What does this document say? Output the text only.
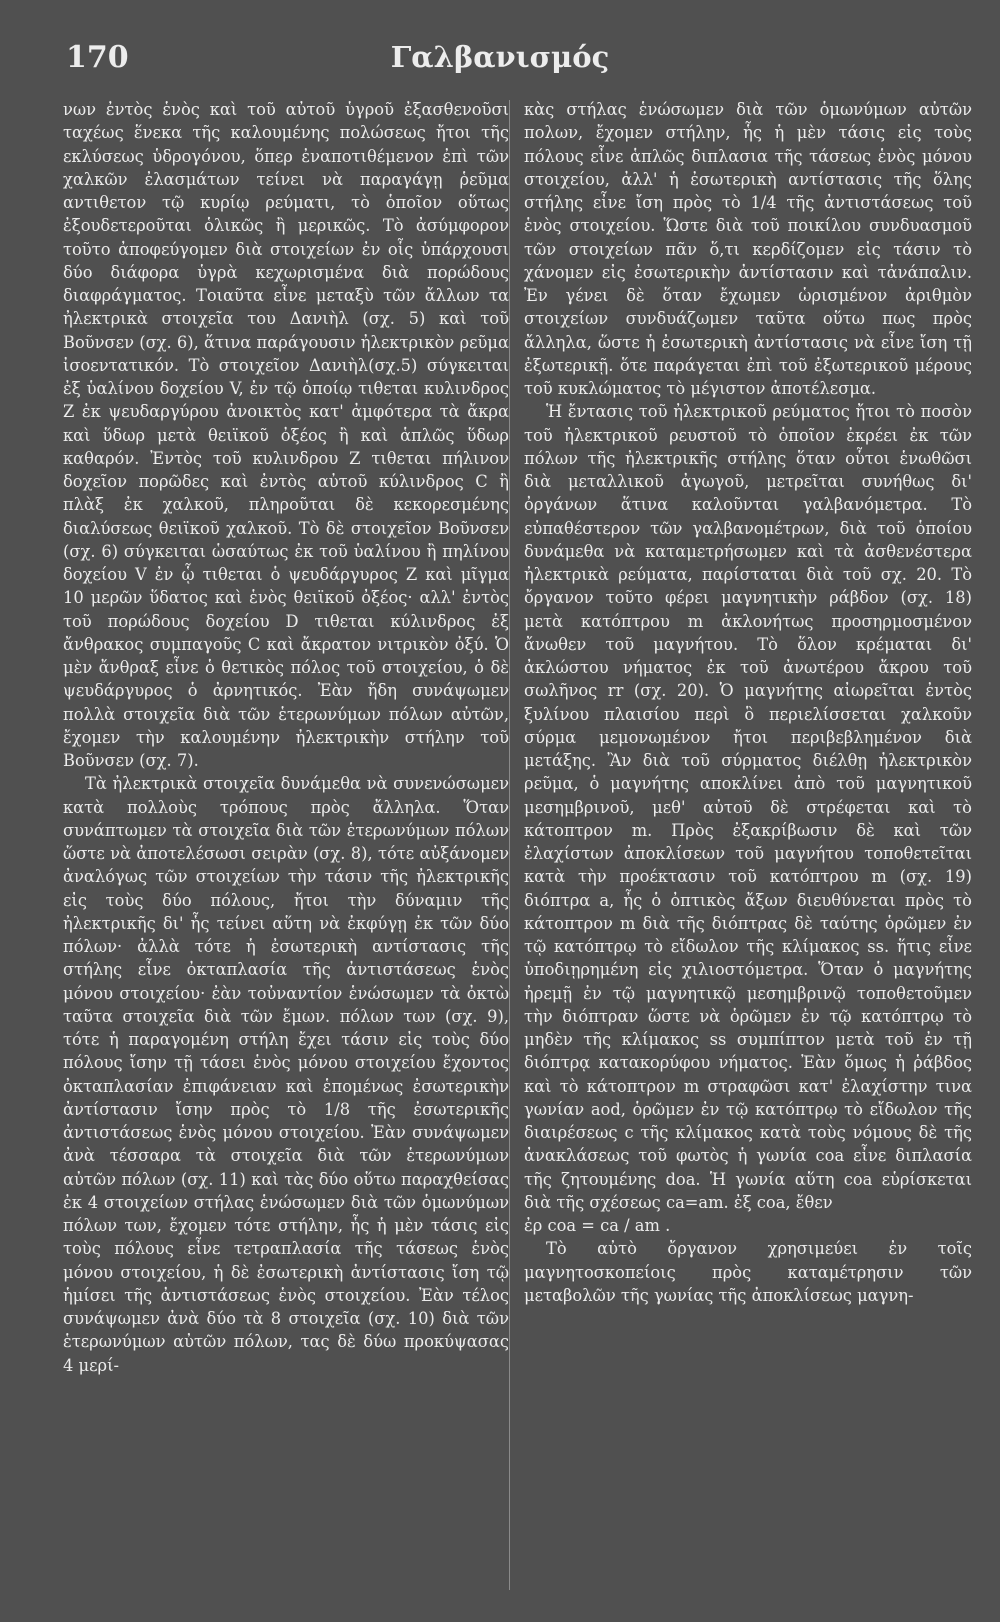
170	Γαλβανισμός

νων ἐντὸς ἑνὸς καὶ τοῦ αὐτοῦ ὑγροῦ ἐξασθενοῦσι ταχέως ἕνεκα τῆς καλουμένης πολώσεως ἤτοι τῆς εκλύσεως ὑδρογόνου, ὅπερ ἐναποτιθέμενον ἐπὶ τῶν χαλκῶν ἐλασμάτων τείνει νὰ παραγάγῃ ῥεῦμα αντιθετον τῷ κυρίῳ ρεύματι, τὸ ὁποῖον οὕτως ἐξουδετεροῦται ὁλικῶς ἢ μερικῶς. Τὸ ἀσύμφορον τοῦτο ἀποφεύγομεν διὰ στοιχείων ἐν οἷς ὑπάρχουσι δύο διάφορα ὑγρὰ κεχωρισμένα διὰ πορώδους διαφράγματος. Τοιαῦτα εἶνε μεταξὺ τῶν ἄλλων τα ἠλεκτρικὰ στοιχεῖα του Δανιὴλ (σχ. 5) καὶ τοῦ Βοῦνσεν (σχ. 6), ἅτινα παράγουσιν ἠλεκτρικὸν ρεῦμα ἰσοεντατικόν. Τὸ στοιχεῖον Δανιὴλ(σχ.5) σύγκειται ἐξ ὑαλίνου δοχείου V, ἐν τῷ ὁποίῳ τιθεται κυλινδρος Ζ ἐκ ψευδαργύρου ἀνοικτὸς κατ' ἀμφότερα τὰ ἄκρα καὶ ὕδωρ μετὰ θειϊκοῦ ὀξέος ἢ καὶ ἁπλῶς ὕδωρ καθαρόν. Ἐντὸς τοῦ κυλινδρου Ζ τιθεται πήλινον δοχεῖον πορῶδες καὶ ἐντὸς αὐτοῦ κύλινδρος C ἢ πλὰξ ἐκ χαλκοῦ, πληροῦται δὲ κεκορεσμένης διαλύσεως θειϊκοῦ χαλκοῦ. Τὸ δὲ στοιχεῖον Βοῦνσεν (σχ. 6) σύγκειται ὡσαύτως ἐκ τοῦ ὑαλίνου ἢ πηλίνου δοχείου V ἐν ᾧ τιθεται ὁ ψευδάργυρος Ζ καὶ μῖγμα 10 μερῶν ὕδατος καὶ ἑνὸς θειϊκοῦ ὀξέος· αλλ' ἐντὸς τοῦ πορώδους δοχείου D τιθεται κύλινδρος ἐξ ἄνθρακος συμπαγοῦς C καὶ ἄκρατον νιτρικὸν ὀξύ. Ὁ μὲν ἄνθραξ εἶνε ὁ θετικὸς πόλος τοῦ στοιχείου, ὁ δὲ ψευδάργυρος ὁ ἀρνητικός. Ἐὰν ἤδη συνάψωμεν πολλὰ στοιχεῖα διὰ τῶν ἑτερωνύμων πόλων αὐτῶν, ἔχομεν τὴν καλουμένην ἠλεκτρικὴν στήλην τοῦ Βοῦνσεν (σχ. 7).

Τὰ ἠλεκτρικὰ στοιχεῖα δυνάμεθα νὰ συνενώσωμεν κατὰ πολλοὺς τρόπους πρὸς ἄλληλα. Ὅταν συνάπτωμεν τὰ στοιχεῖα διὰ τῶν ἑτερωνύμων πόλων ὥστε νὰ ἀποτελέσωσι σειρὰν (σχ. 8), τότε αὐξάνομεν ἀναλόγως τῶν στοιχείων τὴν τάσιν τῆς ἠλεκτρικῆς εἰς τοὺς δύο πόλους, ἤτοι τὴν δύναμιν τῆς ἠλεκτρικῆς δι' ἧς τείνει αὕτη νὰ ἐκφύγῃ ἐκ τῶν δύο πόλων· ἀλλὰ τότε ἡ ἐσωτερικὴ αντίστασις τῆς στήλης εἶνε ὀκταπλασία τῆς ἀντιστάσεως ἑνὸς μόνου στοιχείου· ἐὰν τοὐναντίον ἑνώσωμεν τὰ ὀκτὼ ταῦτα στοιχεῖα διὰ τῶν ἔμων. πόλων των (σχ. 9), τότε ἡ παραγομένη στήλη ἔχει τάσιν εἰς τοὺς δύο πόλους ἴσην τῇ τάσει ἑνὸς μόνου στοιχείου ἔχοντος ὀκταπλασίαν ἐπιφάνειαν καὶ ἑπομένως ἐσωτερικὴν ἀντίστασιν ἴσην πρὸς τὸ 1/8 τῆς ἐσωτερικῆς ἀντιστάσεως ἑνὸς μόνου στοιχείου. Ἐὰν συνάψωμεν ἀνὰ τέσσαρα τὰ στοιχεῖα διὰ τῶν ἑτερωνύμων αὐτῶν πόλων (σχ. 11) καὶ τὰς δύο οὕτω παραχθείσας ἐκ 4 στοιχείων στήλας ἑνώσωμεν διὰ τῶν ὁμωνύμων πόλων των, ἔχομεν τότε στήλην, ἧς ἡ μὲν τάσις εἰς τοὺς πόλους εἶνε τετραπλασία τῆς τάσεως ἑνὸς μόνου στοιχείου, ἡ δὲ ἐσωτερικὴ ἀντίστασις ἴση τῷ ἡμίσει τῆς ἀντιστάσεως ἑνὸς στοιχείου. Ἐὰν τέλος συνάψωμεν ἀνὰ δύο τὰ 8 στοιχεῖα (σχ. 10) διὰ τῶν ἑτερωνύμων αὐτῶν πόλων, τας δὲ δύω προκύψασας 4 μερί-

κὰς στήλας ἑνώσωμεν διὰ τῶν ὁμωνύμων αὐτῶν πολων, ἔχομεν στήλην, ἧς ἡ μὲν τάσις εἰς τοὺς πόλους εἶνε ἁπλῶς διπλασια τῆς τάσεως ἑνὸς μόνου στοιχείου, ἀλλ' ἡ ἐσωτερικὴ αντίστασις τῆς ὅλης στήλης εἶνε ἴση πρὸς τὸ 1/4 τῆς ἀντιστάσεως τοῦ ἑνὸς στοιχείου. Ὥστε διὰ τοῦ ποικίλου συνδυασμοῦ τῶν στοιχείων πᾶν ὅ,τι κερδίζομεν εἰς τάσιν τὸ χάνομεν εἰς ἐσωτερικὴν ἀντίστασιν καὶ τἀνάπαλιν. Ἐν γένει δὲ ὅταν ἔχωμεν ὡρισμένον ἀριθμὸν στοιχείων συνδυάζωμεν ταῦτα οὕτω πως πρὸς ἄλληλα, ὥστε ἡ ἐσωτερικὴ ἀντίστασις νὰ εἶνε ἴση τῇ ἐξωτερικῇ. ὅτε παράγεται ἐπὶ τοῦ ἐξωτερικοῦ μέρους τοῦ κυκλώματος τὸ μέγιστον ἀποτέλεσμα.

Ἡ ἔντασις τοῦ ἠλεκτρικοῦ ρεύματος ἤτοι τὸ ποσὸν τοῦ ἠλεκτρικοῦ ρευστοῦ τὸ ὁποῖον ἐκρέει ἐκ τῶν πόλων τῆς ἠλεκτρικῆς στήλης ὅταν οὗτοι ἑνωθῶσι διὰ μεταλλικοῦ ἀγωγοῦ, μετρεῖται συνήθως δι' ὀργάνων ἅτινα καλοῦνται γαλβανόμετρα. Τὸ εὐπαθέστερον τῶν γαλβανομέτρων, διὰ τοῦ ὁποίου δυνάμεθα νὰ καταμετρήσωμεν καὶ τὰ ἀσθενέστερα ἠλεκτρικὰ ρεύματα, παρίσταται διὰ τοῦ σχ. 20. Τὸ ὄργανον τοῦτο φέρει μαγνητικὴν ράβδον (σχ. 18) μετὰ κατόπτρου m ἀκλονήτως προσηρμοσμένον ἄνωθεν τοῦ μαγνήτου. Τὸ ὅλον κρέμαται δι' ἀκλώστου νήματος ἐκ τοῦ ἀνωτέρου ἄκρου τοῦ σωλῆνος rr (σχ. 20). Ὁ μαγνήτης αἰωρεῖται ἐντὸς ξυλίνου πλαισίου περὶ ὃ περιελίσσεται χαλκοῦν σύρμα μεμονωμένον ἤτοι περιβεβλημένον διὰ μετάξης. Ἂν διὰ τοῦ σύρματος διέλθῃ ἠλεκτρικὸν ρεῦμα, ὁ μαγνήτης αποκλίνει ἀπὸ τοῦ μαγνητικοῦ μεσημβρινοῦ, μεθ' αὐτοῦ δὲ στρέφεται καὶ τὸ κάτοπτρον m. Πρὸς ἐξακρίβωσιν δὲ καὶ τῶν ἐλαχίστων ἀποκλίσεων τοῦ μαγνήτου τοποθετεῖται κατὰ τὴν προέκτασιν τοῦ κατόπτρου m (σχ. 19) διόπτρα a, ἧς ὁ ὀπτικὸς ἄξων διευθύνεται πρὸς τὸ κάτοπτρον m διὰ τῆς διόπτρας δὲ ταύτης ὁρῶμεν ἐν τῷ κατόπτρῳ τὸ εἴδωλον τῆς κλίμακος ss. ἥτις εἶνε ὑποδιῃρημένη εἰς χιλιοστόμετρα. Ὅταν ὁ μαγνήτης ἠρεμῇ ἐν τῷ μαγνητικῷ μεσημβρινῷ τοποθετοῦμεν τὴν διόπτραν ὥστε νὰ ὁρῶμεν ἐν τῷ κατόπτρῳ τὸ μηδὲν τῆς κλίμακος ss συμπίπτον μετὰ τοῦ ἐν τῇ διόπτρᾳ κατακορύφου νήματος. Ἐὰν ὅμως ἡ ῥάβδος καὶ τὸ κάτοπτρον m στραφῶσι κατ' ἐλαχίστην τινα γωνίαν aod, ὁρῶμεν ἐν τῷ κατόπτρῳ τὸ εἴδωλον τῆς διαιρέσεως c τῆς κλίμακος κατὰ τοὺς νόμους δὲ τῆς ἀνακλάσεως τοῦ φωτὸς ἡ γωνία coa εἶνε διπλασία τῆς ζητουμένης doa. Ἡ γωνία αὕτη coa εὑρίσκεται διὰ τῆς σχέσεως ca=am. ἐξ coa, ἔθεν

ἐρ coa = ca / am .

Τὸ αὐτὸ ὄργανον χρησιμεύει ἐν τοῖς μαγνητοσκοπείοις πρὸς καταμέτρησιν τῶν μεταβολῶν τῆς γωνίας τῆς ἀποκλίσεως μαγνη-
